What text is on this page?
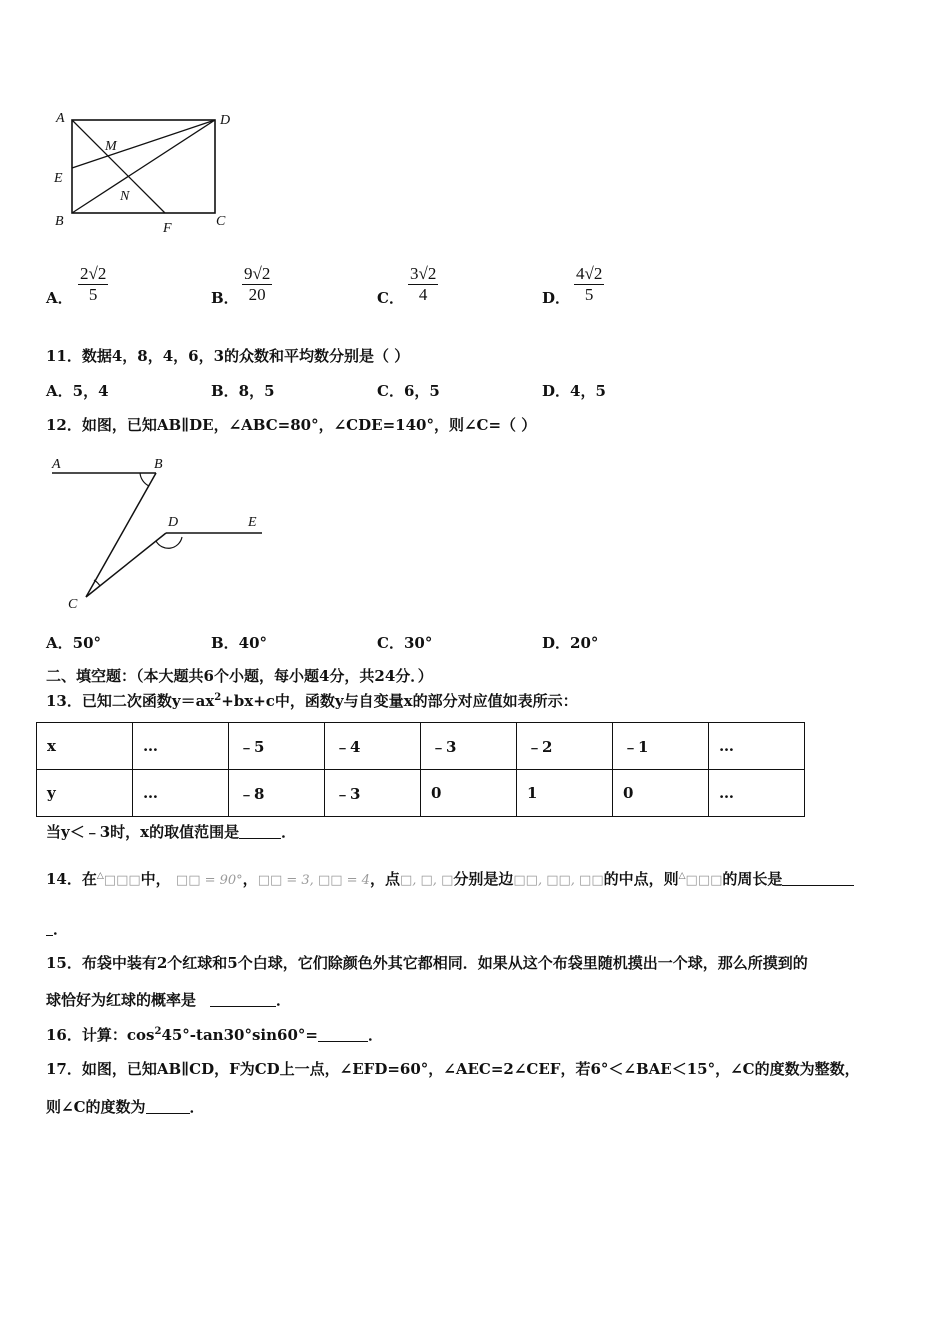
A	D
M
E
N
B	F	C
A． $\frac{2√2}{5}$	B． $\frac{9√2}{20}$	C． $\frac{3√2}{4}$	D． $\frac{4√2}{5}$
11．数据4，8，4，6，3的众数和平均数分别是（ ）
A．5，4	B．8，5	C．6，5	D．4，5
12．如图，已知AB∥DE，∠ABC=80°，∠CDE=140°，则∠C=（ ）
A	B
D	E
C
A．50°	B．40°	C．30°	D．20°
二、填空题：（本大题共6个小题，每小题4分，共24分．）
13．已知二次函数$y=ax^2+bx+c$中，函数y与自变量x的部分对应值如表所示：
x	…	﹣5	﹣4	﹣3	﹣2	﹣1	…
y	…	﹣8	﹣3	0	1	0	…
当y＜﹣3时，x的取值范围是	．
14．在△□□□中， □□ = 90°，□□ = 3, □□ = 4，点□, □, □分别是边□□, □□, □□的中点，则△□□□的周长是
．
15．布袋中装有2个红球和5个白球，它们除颜色外其它都相同．如果从这个布袋里随机摸出一个球，那么所摸到的
球恰好为红球的概率是	．
16．计算：$\cos^245^\circ-\tan 30^\circ\sin 60^\circ=$	．
17．如图，已知AB∥CD，F为CD上一点，∠EFD=60°，∠AEC=2∠CEF，若6°＜∠BAE＜15°，∠C的度数为整数，
则∠C的度数为	．
